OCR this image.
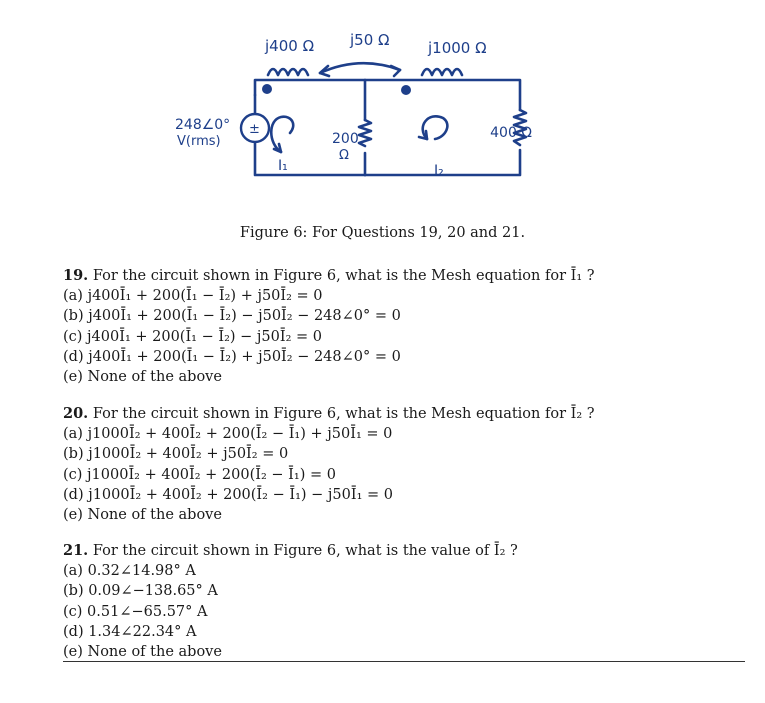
j400 Ω j50 Ω	j1000 Ω
±
248∠0°
V(rms)	200
Ω
400 Ω
I₁	I₂
Figure 6: For Questions 19, 20 and 21.
19. For the circuit shown in Figure 6, what is the Mesh equation for Ī₁ ?
(a) j400Ī₁ + 200(Ī₁ − Ī₂) + j50Ī₂ = 0
(b) j400Ī₁ + 200(Ī₁ − Ī₂) − j50Ī₂ − 248∠0° = 0
(c) j400Ī₁ + 200(Ī₁ − Ī₂) − j50Ī₂ = 0
(d) j400Ī₁ + 200(Ī₁ − Ī₂) + j50Ī₂ − 248∠0° = 0
(e) None of the above
20. For the circuit shown in Figure 6, what is the Mesh equation for Ī₂ ?
(a) j1000Ī₂ + 400Ī₂ + 200(Ī₂ − Ī₁) + j50Ī₁ = 0
(b) j1000Ī₂ + 400Ī₂ + j50Ī₂ = 0
(c) j1000Ī₂ + 400Ī₂ + 200(Ī₂ − Ī₁) = 0
(d) j1000Ī₂ + 400Ī₂ + 200(Ī₂ − Ī₁) − j50Ī₁ = 0
(e) None of the above
21. For the circuit shown in Figure 6, what is the value of Ī₂ ?
(a) 0.32∠14.98° A
(b) 0.09∠−138.65° A
(c) 0.51∠−65.57° A
(d) 1.34∠22.34° A
(e) None of the above
